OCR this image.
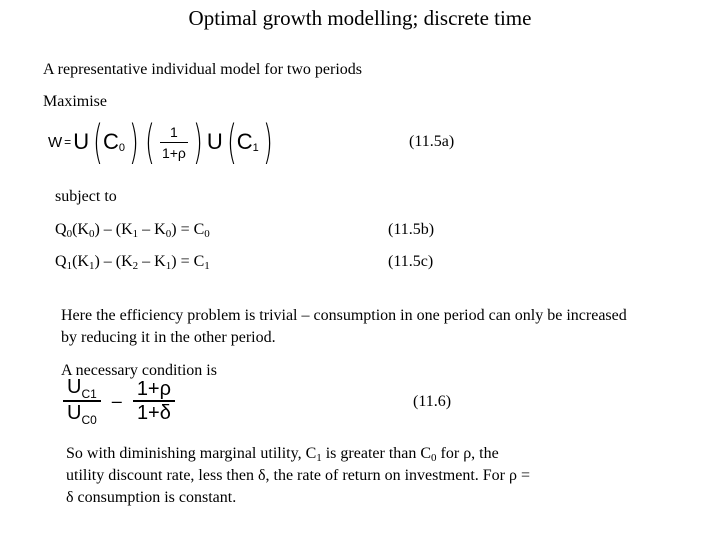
Optimal growth modelling; discrete time
A representative individual model for two periods
Maximise
W = U ( C 0 ) ( $\frac{1}{1+\rho}$ ) U ( C 1 )	(11.5a)
subject to
$Q_0(K_0) - (K_1 - K_0) = C_0$	(11.5b)
$Q_1(K_1) - (K_2 - K_1) = C_1$	(11.5c)
Here the efficiency problem is trivial – consumption in one period can only be increased by reducing it in the other period.
A necessary condition is
$\frac{U_{C1}}{U_{C0}} - \frac{1+\rho}{1+\delta}$	(11.6)
So with diminishing marginal utility, $C_1$ is greater than $C_0$ for ρ, the utility discount rate, less then δ, the rate of return on investment. For ρ = δ consumption is constant.
